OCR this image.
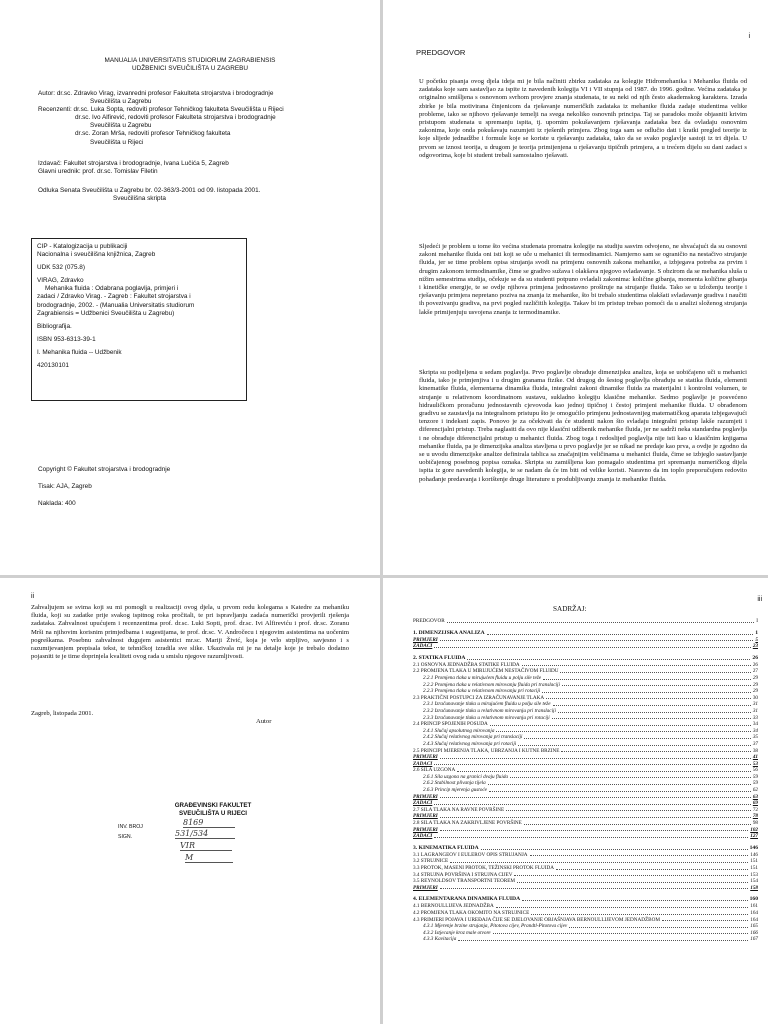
MANUALIA UNIVERSITATIS STUDIORUM ZAGRABIENSIS
UDŽBENICI SVEUČILIŠTA U ZAGREBU
Autor: dr.sc. Zdravko Virag, izvanredni profesor Fakulteta strojarstva i brodogradnje
Sveučilišta u Zagrebu
Recenzenti: dr.sc. Luka Sopta, redoviti profesor Tehničkog fakulteta Sveučilišta u Rijeci
dr.sc. Ivo Alfirević, redoviti profesor Fakulteta strojarstva i brodogradnje
Sveučilišta u Zagrebu
dr.sc. Zoran Mrša, redoviti profesor Tehničkog fakulteta
Sveučilišta u Rijeci
Izdavač: Fakultet strojarstva i brodogradnje, Ivana Lučića 5, Zagreb
Glavni urednik: prof. dr.sc. Tomislav Filetin
Odluka Senata Sveučilišta u Zagrebu br. 02-363/3-2001 od 09. listopada 2001.
Sveučilišna skripta
CIP - Katalogizacija u publikaciji
Nacionalna i sveučilišna knjižnica, Zagreb
UDK 532 (075.8)
VIRAG, Zdravko
Mehanika fluida : Odabrana poglavlja, primjeri i
zadaci / Zdravko Virag. - Zagreb : Fakultet strojarstva i
brodogradnje, 2002. - (Manualia Universitatis studiorum
Zagrabiensis = Udžbenici Sveučilišta u Zagrebu)
Bibliografija.
ISBN 953-6313-39-1
I. Mehanika fluida -- Udžbenik
420130101
Copyright © Fakultet strojarstva i brodogradnje
Tisak: AJA, Zagreb
Naklada: 400
i
PREDGOVOR
U početku pisanja ovog djela ideja mi je bila načiniti zbirku zadataka za kolegije Hidromehanika i Mehanika fluida od zadataka koje sam sastavljao za ispite iz navedenih kolegija VI i VII stupnja od 1987. do 1996. godine. Većina zadataka je originalno smišljena s osnovnom svrhom provjere znanja studenata, te su neki od njih često akademskog karaktera. Izrada zbirke je bila motivirana činjenicom da rješavanje numeričkih zadataka iz mehanike fluida zadaje studentima velike probleme, iako se njihovo rješavanje temelji na svega nekoliko osnovnih principa. Taj se paradoks može objasniti krivim pristupom studenata u spremanju ispita, tj. upornim pokušavanjem rješavanja zadataka bez da ovladaju osnovnim zakonima, koje onda pokušavaju razumjeti iz rješenih primjera. Zbog toga sam se odlučio dati i kratki pregled teorije iz koje slijede jednadžbe i formule koje se koriste u rješavanju zadataka, tako da se svako poglavlje sastoji iz tri dijela. U prvom se iznosi teorija, u drugom je teorija primijenjena u rješavanju tipičnih primjera, a u trećem dijelu su dani zadaci s odgovorima, koje bi student trebali samostalno rješavati.
Sljedeći je problem u tome što većina studenata promatra kolegije na studiju sasvim odvojeno, ne shvaćajući da su osnovni zakoni mehanike fluida oni isti koji se uče u mehanici ili termodinamici. Namjerno sam se ograničio na nestačivo strujanje fluida, jer se time problem opisa strujanja svodi na primjenu osnovnih zakona mehanike, a izbjegava potreba za prvim i drugim zakonom termodinamike, čime se gradivo sužava i olakšava njegovo svladavanje. S obzirom da se mehanika sluša u nižim semestrima studija, očekuje se da su studenti potpuno ovladali zakonima: količine gibanja, momenta količine gibanja i kinetičke energije, te se ovdje njihova primjena jednostavno proširuje na strujanje fluida. Tako se u izloženju teorije i rješavanju primjera nepretano poziva na znanja iz mehanike, što bi trebalo studentima olakšati svladavanje gradiva i naučiti ih povezivanju gradiva, na prvi pogled različitih kolegija. Takav bi im pristup trebao pomoći da u analizi složenog strujanja lakše primijenjuju usvojena znanja iz termodinamike.
Skripta su podijeljena u sedam poglavlja. Prvo poglavlje obrađuje dimenzijsku analizu, koja se uobičajeno uči u mehanici fluida, iako je primjenjiva i u drugim granama fizike. Od drugog do šestog poglavlja obrađuju se statika fluida, elementi kinematike fluida, elementarna dinamika fluida, integralni zakoni dinamike fluida za materijalni i kontrolni volumen, te strujanje u relativnom koordinatnom sustavu, sukladno kolegiju klasične mehanike. Sedmo poglavlje je posvećeno hidrauličkom proračunu jednostavnih cjevovoda kao jednoj tipičnoj i čestoj primjeni mehanike fluida. U obrađenom gradivu se zaustavlja na integralnom pristupu što je omogućilo primjenu jednostavnijeg matematičkog aparata izbjegavajući tenzore i indeksni zapis. Ponovo je za očekivati da će studenti nakon što svladaju integralni pristup lakše razumjeti i diferencijalni pristup. Treba naglasiti da ovo nije klasični udžbenik mehanike fluida, jer ne sadrži neka standardna poglavlja i ne obrađuje diferencijalni pristup u mehanici fluida. Zbog toga i redoslijed poglavlja nije isti kao u klasičnim knjigama mehanike fluida, pa je dimenzijska analiza stavljena u prvo poglavlje jer se nikad ne predaje kao prva, a ovdje je zgodno da se u uvodu dimenzijske analize definirala tablica sa značajnijim veličinama u mehanici fluida, čime se izbjeglo sastavljanje uobičajenog posebnog popisa oznaka. Skripta su zamišljena kao pomagalo studentima pri spremanju numeričkog dijela ispita iz gore navedenih kolegija, te se nadam da će im biti od velike koristi. Naravno da im toplo preporučujem redovito pohađanje predavanja i korištenje druge literature u produbljivanju znanja iz mehanike fluida.
ii
Zahvaljujem se svima koji su mi pomogli u realizaciji ovog djela, u prvom redu kolegama s Katedre za mehaniku fluida, koji su zadatke prije svakog ispitnog roka pročitali, te pri ispravljanju zadaća numerički provjerili rješenja zadataka. Zahvalnost upućujem i recenzentima prof. dr.sc. Luki Sopti, prof. dr.sc. Ivi Alfireviću i prof. dr.sc. Zoranu Mrši na njihovim korisnim primjedbama i sugestijama, te prof. dr.sc. V. Andročecu i njegovim asistentima na uočenim pogreškama. Posebnu zahvalnost dugujem asistentici mr.sc. Mariji Živić, koja je vrlo strpljivo, savjesno i s razumijevanjem prepisala tekst, te tehničkoj izradila sve slike. Ukazivala mi je na detalje koje je trebalo dodatno pojasniti te je time doprinjela kvaliteti ovog rada u smislu njegove razumljivosti.
Zagreb, listopada 2001.
Autor
GRAĐEVINSKI FAKULTET
SVEUČILIŠTA U RIJECI
INV. BROJ
SIGN.
8169
531/534
VIR
M
iii
SADRŽAJ:
PREDGOVOR	I
1. DIMENZIJSKA ANALIZA	1
PRIMJERI	5
ZADACI	23
2. STATIKA FLUIDA	26
2.1 OSNOVNA JEDNADŽBA STATIKE FLUIDA	26
2.2 PROMJENA TLAKA U MIRUJUĆEM NESTAČIVOM FLUIDU	27
2.2.1 Promjena tlaka u mirujućem fluidu u polju sile teže	29
2.2.2 Promjena tlaka u relativnom mirovanju fluida pri translaciji	29
2.2.3 Promjena tlaka u relativnom mirovanju pri rotaciji	29
2.3 PRAKTIČNI POSTUPCI ZA IZRAČUNAVANJE TLAKA	30
2.3.1 Izračunavanje tlaka u mirujućem fluidu u polju sile teže	31
2.3.2 Izračunavanje tlaka u relativnom mirovanju pri translaciji	31
2.3.3 Izračunavanje tlaka u relativnom mirovanju pri rotaciji	33
2.4 PRINCIP SPOJENIH POSUDA	34
2.4.1 Slučaj apsolutnog mirovanja	34
2.4.2 Slučaj relativnog mirovanja pri translaciji	35
2.4.3 Slučaj relativnog mirovanja pri rotaciji	37
2.5 PRINCIPI MJERENJA TLAKA, UBRZANJA I KUTNE BRZINE	38
PRIMJERI	41
ZADACI	53
2.6 SILA UZGONA	56
2.6.1 Sila uzgona na granici dvaju fluida	59
2.6.2 Stabilnost plivanja tijela	59
2.6.3 Princip mjerenja gustoće	62
PRIMJERI	63
ZADACI	69
2.7 SILA TLAKA NA RAVNE POVRŠINE	72
PRIMJERI	78
2.8 SILA TLAKA NA ZAKRIVLJENE POVRŠINE	98
PRIMJERI	102
ZADACI	127
3. KINEMATIKA FLUIDA	146
3.1 LAGRANGEOV I EULEROV OPIS STRUJANJA	146
3.2 STRUJNICE	151
3.3 PROTOK, MASENI PROTOK, TEŽINSKI PROTOK FLUIDA	151
3.4 STRUJNA POVRŠINA I STRUJNA CIJEV	153
3.5 REYNOLDSOV TRANSPORTNI TEOREM	154
PRIMJERI	158
4. ELEMENTARANA DINAMIKA FLUIDA	160
4.1 BERNOULLIJEVA JEDNADŽBA	161
4.2 PROMJENA TLAKA OKOMITO NA STRUJNICE	164
4.3 PRIMJERI POJAVA I UREĐAJA ČIJE SE DJELOVANJE OBJAŠNJAVA BERNOULLIJEVOM JEDNADŽBOM	164
4.3.1 Mjerenje brzine strujanja, Pitotova cijev, Prandtl-Pitotova cijev	165
4.3.2 Istjecanje kroz male otvore	166
4.3.3 Kavitacija	167
